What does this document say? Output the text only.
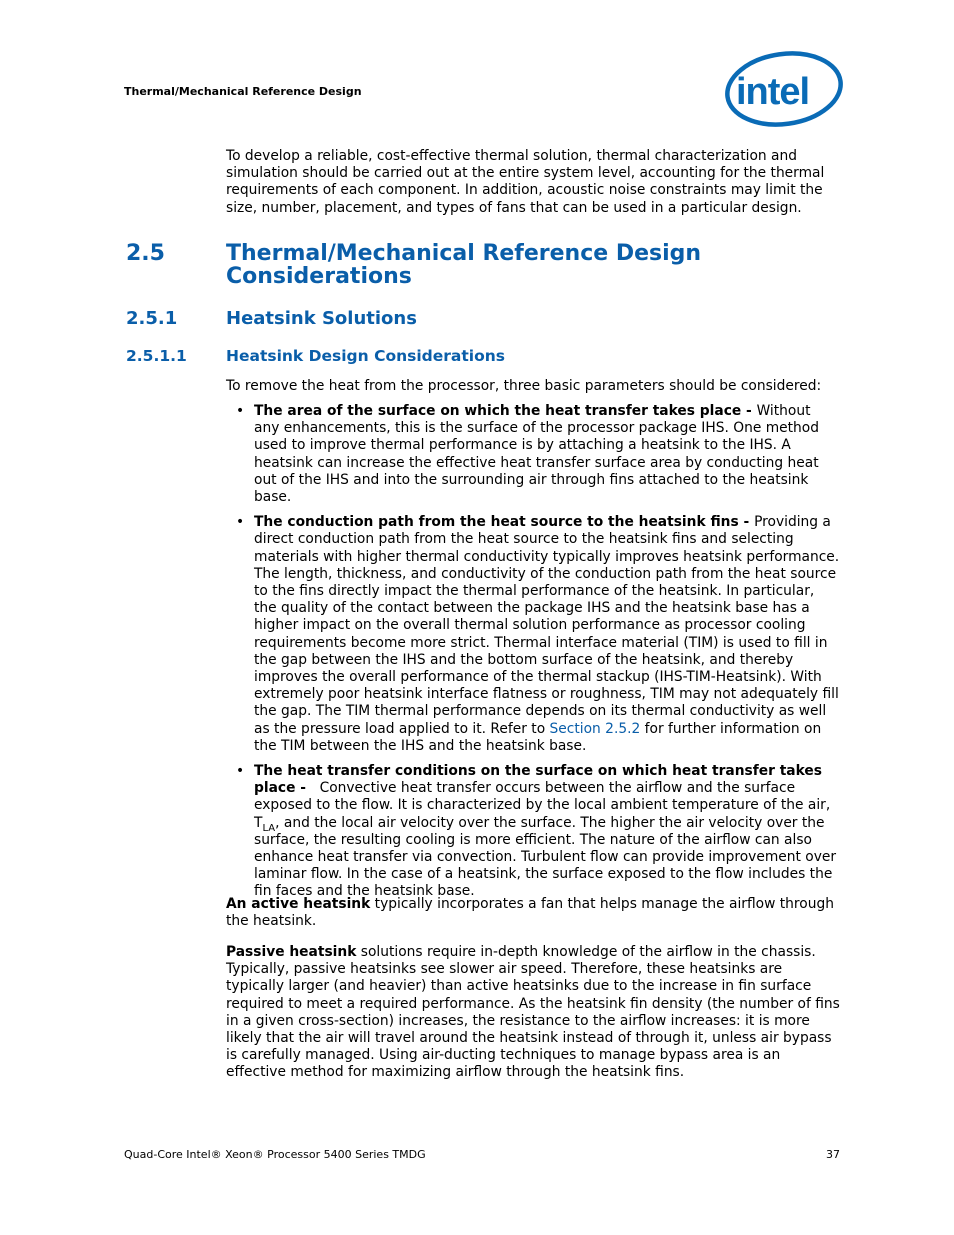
Thermal/Mechanical Reference Design	intel

To develop a reliable, cost-effective thermal solution, thermal characterization and simulation should be carried out at the entire system level, accounting for the thermal requirements of each component. In addition, acoustic noise constraints may limit the size, number, placement, and types of fans that can be used in a particular design.

2.5	Thermal/Mechanical Reference Design
Considerations
2.5.1	Heatsink Solutions
2.5.1.1	Heatsink Design Considerations
To remove the heat from the processor, three basic parameters should be considered:
• The area of the surface on which the heat transfer takes place - Without any enhancements, this is the surface of the processor package IHS. One method used to improve thermal performance is by attaching a heatsink to the IHS. A heatsink can increase the effective heat transfer surface area by conducting heat out of the IHS and into the surrounding air through fins attached to the heatsink base.
• The conduction path from the heat source to the heatsink fins - Providing a direct conduction path from the heat source to the heatsink fins and selecting materials with higher thermal conductivity typically improves heatsink performance. The length, thickness, and conductivity of the conduction path from the heat source to the fins directly impact the thermal performance of the heatsink. In particular, the quality of the contact between the package IHS and the heatsink base has a higher impact on the overall thermal solution performance as processor cooling requirements become more strict. Thermal interface material (TIM) is used to fill in the gap between the IHS and the bottom surface of the heatsink, and thereby improves the overall performance of the thermal stackup (IHS-TIM-Heatsink). With extremely poor heatsink interface flatness or roughness, TIM may not adequately fill the gap. The TIM thermal performance depends on its thermal conductivity as well as the pressure load applied to it. Refer to Section 2.5.2 for further information on the TIM between the IHS and the heatsink base.
• The heat transfer conditions on the surface on which heat transfer takes place -   Convective heat transfer occurs between the airflow and the surface exposed to the flow. It is characterized by the local ambient temperature of the air, $T_{LA}$, and the local air velocity over the surface. The higher the air velocity over the surface, the resulting cooling is more efficient. The nature of the airflow can also enhance heat transfer via convection. Turbulent flow can provide improvement over laminar flow. In the case of a heatsink, the surface exposed to the flow includes the fin faces and the heatsink base.

An active heatsink typically incorporates a fan that helps manage the airflow through the heatsink.

Passive heatsink solutions require in-depth knowledge of the airflow in the chassis. Typically, passive heatsinks see slower air speed. Therefore, these heatsinks are typically larger (and heavier) than active heatsinks due to the increase in fin surface required to meet a required performance. As the heatsink fin density (the number of fins in a given cross-section) increases, the resistance to the airflow increases: it is more likely that the air will travel around the heatsink instead of through it, unless air bypass is carefully managed. Using air-ducting techniques to manage bypass area is an effective method for maximizing airflow through the heatsink fins.

Quad-Core Intel® Xeon® Processor 5400 Series TMDG	37
